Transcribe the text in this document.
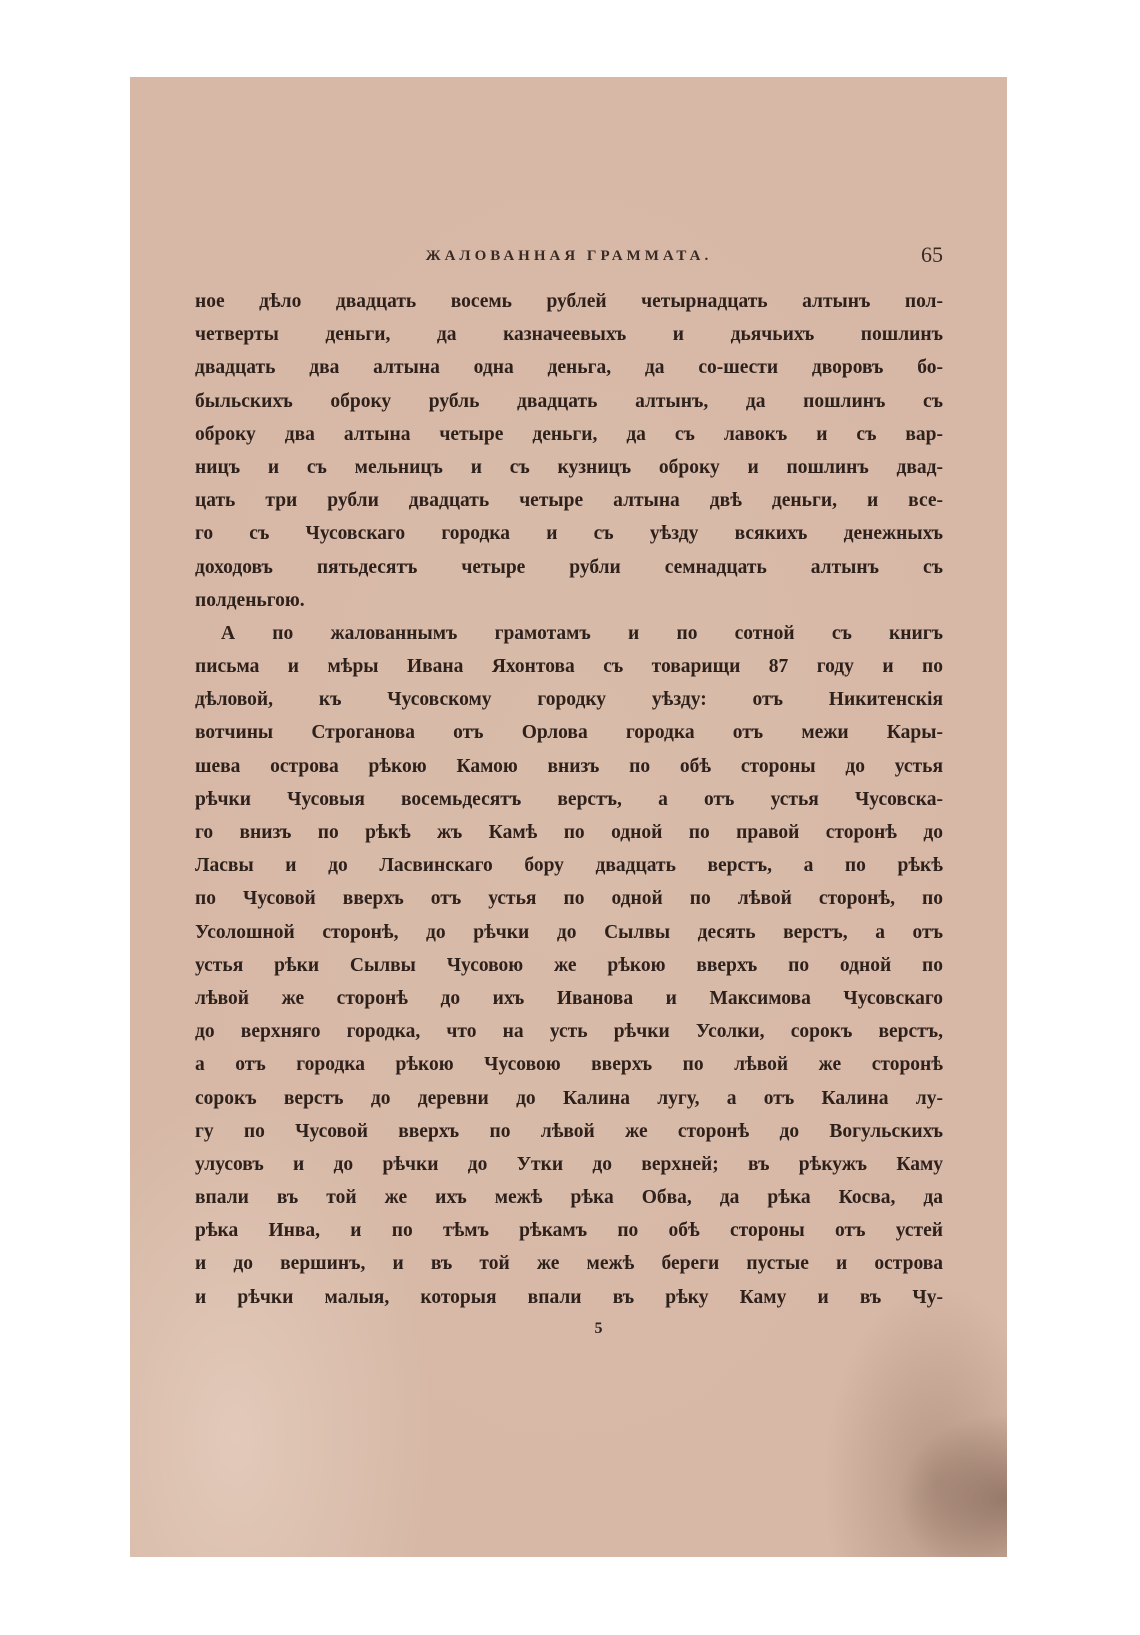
ЖАЛОВАННАЯ ГРАММАТА.	65
ное дѣло двадцать восемь рублей четырнадцать алтынъ пол-
четверты деньги, да казначеевыхъ и дьячьихъ пошлинъ
двадцать два алтына одна деньга, да со-шести дворовъ бо-
быльскихъ оброку рубль двадцать алтынъ, да пошлинъ съ
оброку два алтына четыре деньги, да съ лавокъ и съ вар-
ницъ и съ мельницъ и съ кузницъ оброку и пошлинъ двад-
цать три рубли двадцать четыре алтына двѣ деньги, и все-
го съ Чусовскаго городка и съ уѣзду всякихъ денежныхъ
доходовъ пятьдесятъ четыре рубли семнадцать алтынъ съ
полденьгою.
А по жалованнымъ грамотамъ и по сотной съ книгъ
письма и мѣры Ивана Яхонтова съ товарищи 87 году и по
дѣловой, къ Чусовскому городку уѣзду: отъ Никитенскія
вотчины Строганова отъ Орлова городка отъ межи Кары-
шева острова рѣкою Камою внизъ по обѣ стороны до устья
рѣчки Чусовыя восемьдесятъ верстъ, а отъ устья Чусовска-
го внизъ по рѣкѣ жъ Камѣ по одной по правой сторонѣ до
Ласвы и до Ласвинскаго бору двадцать верстъ, а по рѣкѣ
по Чусовой вверхъ отъ устья по одной по лѣвой сторонѣ, по
Усолошной сторонѣ, до рѣчки до Сылвы десять верстъ, а отъ
устья рѣки Сылвы Чусовою же рѣкою вверхъ по одной по
лѣвой же сторонѣ до ихъ Иванова и Максимова Чусовскаго
до верхняго городка, что на усть рѣчки Усолки, сорокъ верстъ,
а отъ городка рѣкою Чусовою вверхъ по лѣвой же сторонѣ
сорокъ верстъ до деревни до Калина лугу, а отъ Калина лу-
гу по Чусовой вверхъ по лѣвой же сторонѣ до Вогульскихъ
улусовъ и до рѣчки до Утки до верхней; въ рѣкужъ Каму
впали въ той же ихъ межѣ рѣка Обва, да рѣка Косва, да
рѣка Инва, и по тѣмъ рѣкамъ по обѣ стороны отъ устей
и до вершинъ, и въ той же межѣ береги пустые и острова
и рѣчки малыя, которыя впали въ рѣку Каму и въ Чу-
5
